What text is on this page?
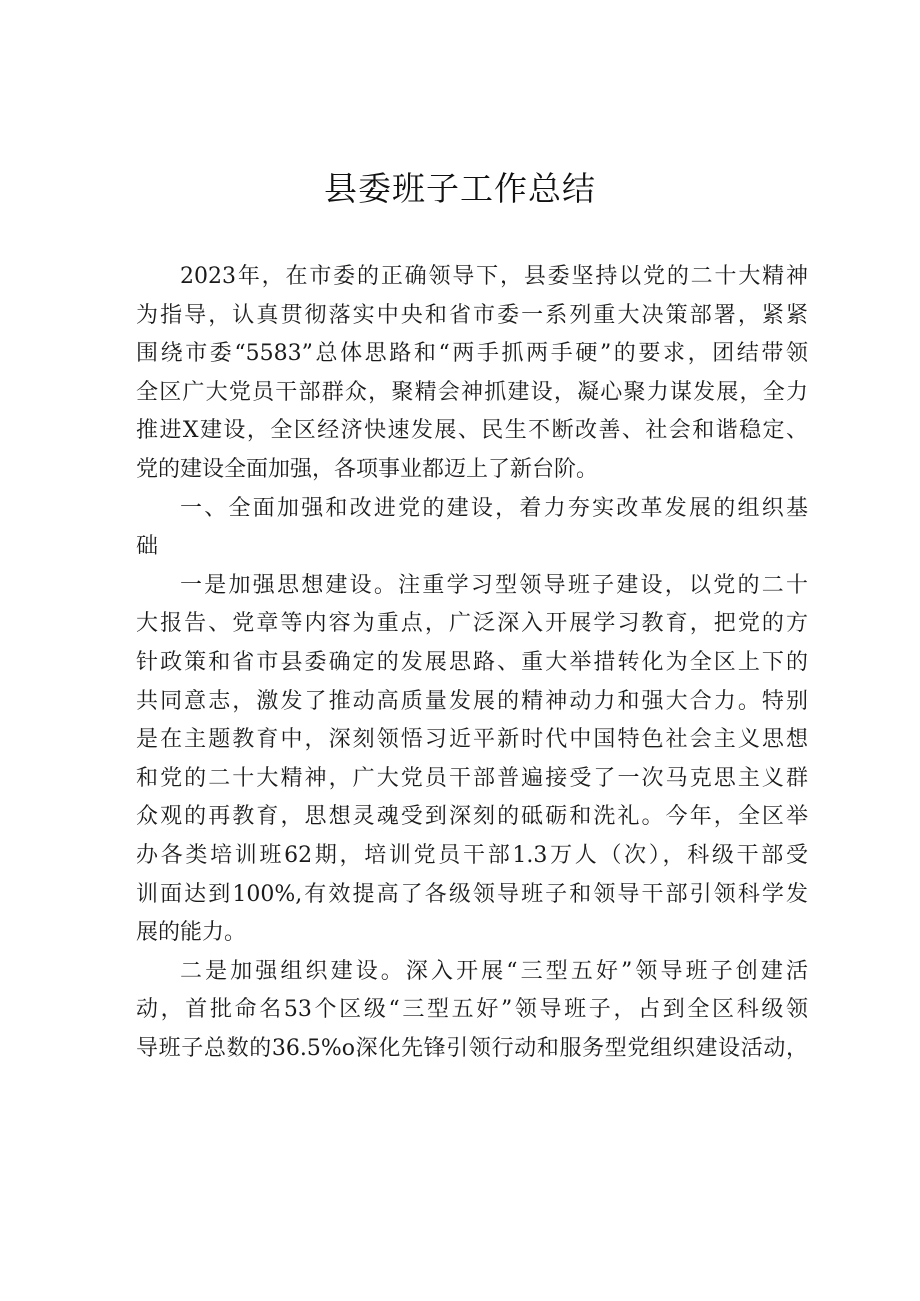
县委班子工作总结
2023年，在市委的正确领导下，县委坚持以党的二十大精神
为指导，认真贯彻落实中央和省市委一系列重大决策部署，紧紧
围绕市委“5583”总体思路和“两手抓两手硬”的要求，团结带领
全区广大党员干部群众，聚精会神抓建设，凝心聚力谋发展，全力
推进X建设，全区经济快速发展、民生不断改善、社会和谐稳定、
党的建设全面加强，各项事业都迈上了新台阶。
一、全面加强和改进党的建设，着力夯实改革发展的组织基
础
一是加强思想建设。注重学习型领导班子建设，以党的二十
大报告、党章等内容为重点，广泛深入开展学习教育，把党的方
针政策和省市县委确定的发展思路、重大举措转化为全区上下的
共同意志，激发了推动高质量发展的精神动力和强大合力。特别
是在主题教育中，深刻领悟习近平新时代中国特色社会主义思想
和党的二十大精神，广大党员干部普遍接受了一次马克思主义群
众观的再教育，思想灵魂受到深刻的砥砺和洗礼。今年，全区举
办各类培训班62期，培训党员干部1.3万人（次），科级干部受
训面达到100%,有效提高了各级领导班子和领导干部引领科学发
展的能力。
二是加强组织建设。深入开展“三型五好”领导班子创建活
动，首批命名53个区级“三型五好”领导班子，占到全区科级领
导班子总数的36.5%o深化先锋引领行动和服务型党组织建设活动，
